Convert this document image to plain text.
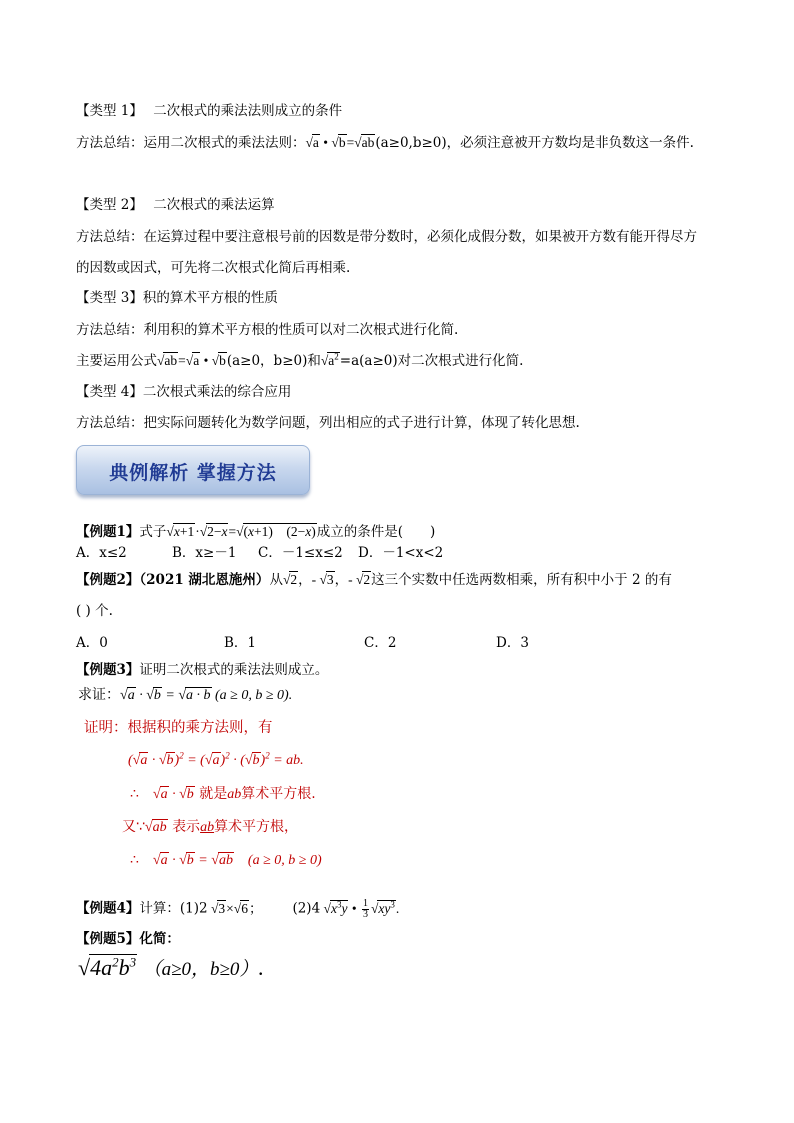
【类型 1】 二次根式的乘法法则成立的条件
方法总结：运用二次根式的乘法法则：√a • √b=√ab(a≥0,b≥0)，必须注意被开方数均是非负数这一条件.
【类型 2】 二次根式的乘法运算
方法总结：在运算过程中要注意根号前的因数是带分数时，必须化成假分数，如果被开方数有能开得尽方
的因数或因式，可先将二次根式化简后再相乘.
【类型 3】积的算术平方根的性质
方法总结：利用积的算术平方根的性质可以对二次根式进行化简.
主要运用公式√ab=√a • √b(a≥0，b≥0)和$√a^2=a(a\ge 0)$对二次根式进行化简.
【类型 4】二次根式乘法的综合应用
方法总结：把实际问题转化为数学问题，列出相应的式子进行计算，体现了转化思想.
典例解析 掌握方法
【例题1】式子√x+1·√2−x=√(x+1)　(2−x)成立的条件是(　　)
A．x≤2	B．x≥－1 C．－1≤x≤2 D．－1<x<2
【例题2】（2021 湖北恩施州）从√2，- √3，- √2这三个实数中任选两数相乘，所有积中小于 2 的有
( ) 个.
A．0	B．1	C．2	D．3
【例题3】证明二次根式的乘法法则成立。
求证：√a · √b = √a · b (a ≥ 0, b ≥ 0).
证明：根据积的乘方法则，有
$(√a \cdot √b)^2 = (√a)^2 \cdot (√b)^2$ = ab.
∴　√a · √b 就是ab算术平方根.
又∵√ab 表示ab算术平方根，
∴　√a · √b = √ab　(a ≥ 0, b ≥ 0)
【例题4】计算：(1)2 √3×√6； (2)4 $√x^3y$ • $\frac{1}{3} √xy^3$.
【例题5】化简：
$√4a^2b^3$ （a≥0，b≥0）.
